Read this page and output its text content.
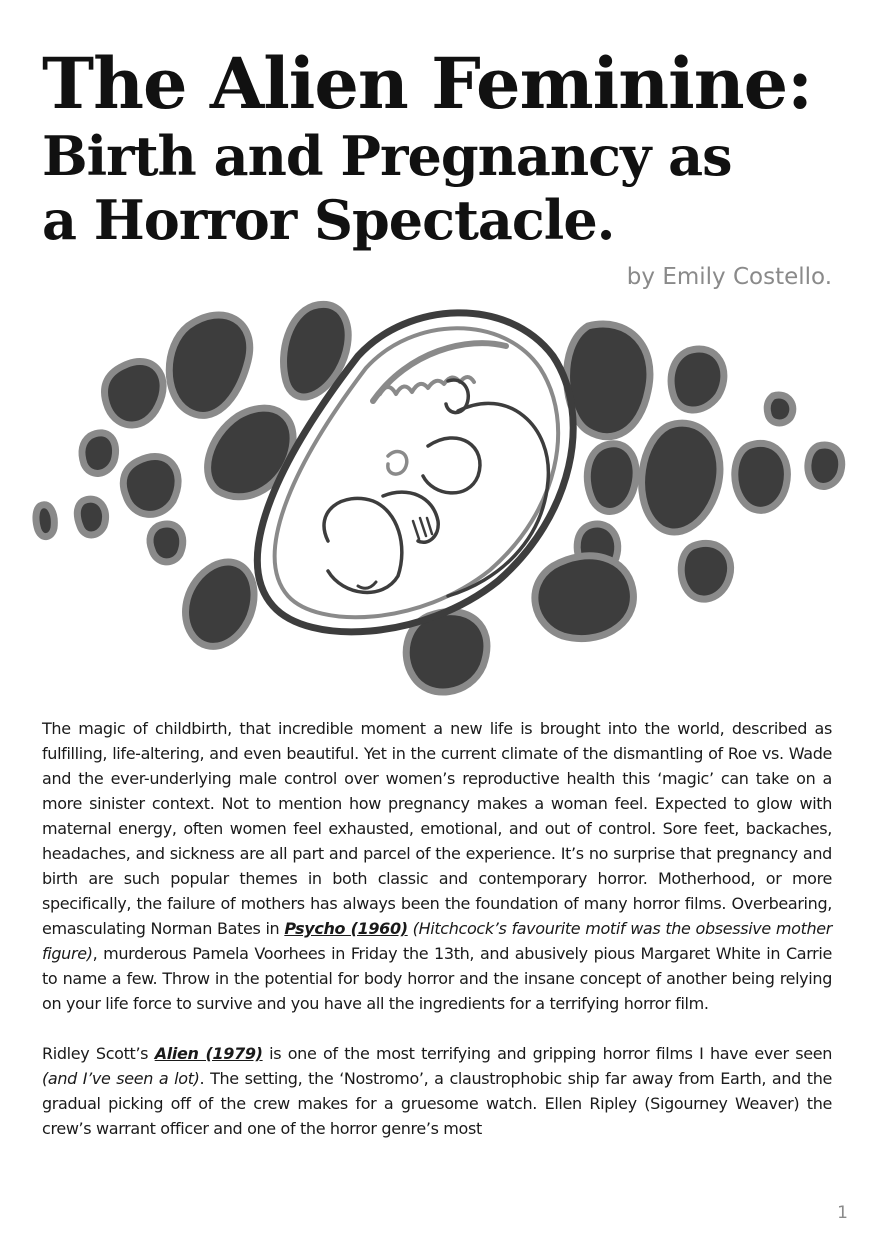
The Alien Feminine:
Birth and Pregnancy as
a Horror Spectacle.
by Emily Costello.

The magic of childbirth, that incredible moment a new life is brought into the world, described as fulfilling, life-altering, and even beautiful. Yet in the current climate of the dismantling of Roe vs. Wade and the ever-underlying male control over women’s reproductive health this ‘magic’ can take on a more sinister context. Not to mention how pregnancy makes a woman feel. Expected to glow with maternal energy, often women feel exhausted, emotional, and out of control. Sore feet, backaches, headaches, and sickness are all part and parcel of the experience. It’s no surprise that pregnancy and birth are such popular themes in both classic and contemporary horror. Motherhood, or more specifically, the failure of mothers has always been the foundation of many horror films. Overbearing, emasculating Norman Bates in Psycho (1960) (Hitchcock’s favourite motif was the obsessive mother figure), murderous Pamela Voorhees in Friday the 13th, and abusively pious Margaret White in Carrie to name a few. Throw in the potential for body horror and the insane concept of another being relying on your life force to survive and you have all the ingredients for a terrifying horror film.

Ridley Scott’s Alien (1979) is one of the most terrifying and gripping horror films I have ever seen (and I’ve seen a lot). The setting, the ‘Nostromo’, a claustrophobic ship far away from Earth, and the gradual picking off of the crew makes for a gruesome watch. Ellen Ripley (Sigourney Weaver) the crew’s warrant officer and one of the horror genre’s most

1
